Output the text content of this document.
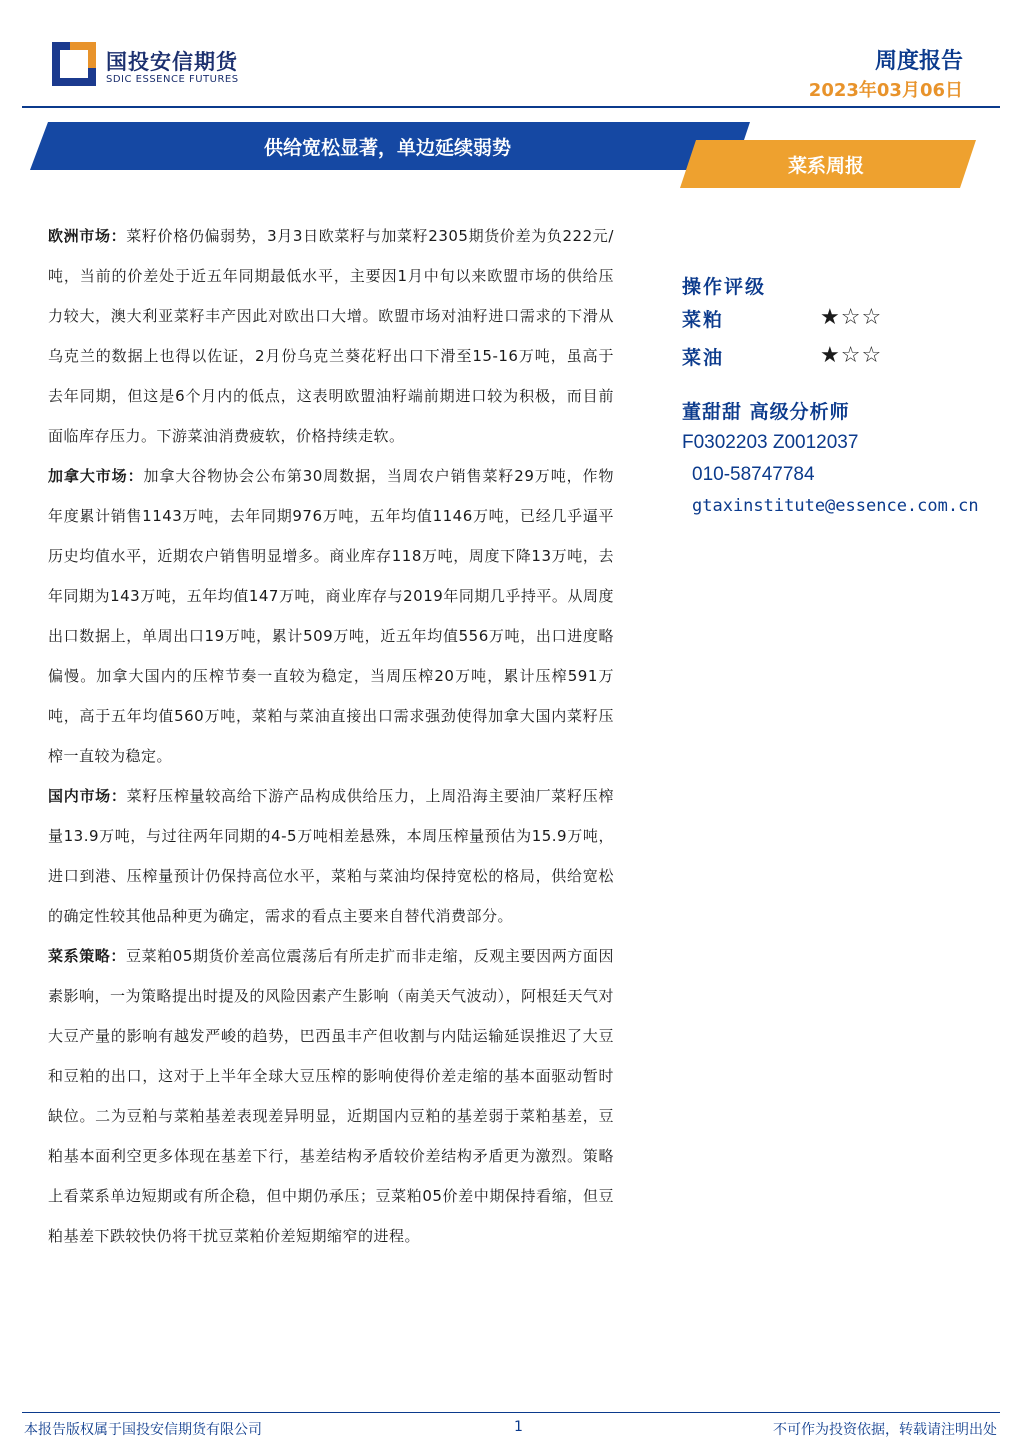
国投安信期货
SDIC ESSENCE FUTURES
周度报告
2023年03月06日
供给宽松显著，单边延续弱势
菜系周报

欧洲市场：菜籽价格仍偏弱势，3月3日欧菜籽与加菜籽2305期货价差为负222元/吨，当前的价差处于近五年同期最低水平，主要因1月中旬以来欧盟市场的供给压力较大，澳大利亚菜籽丰产因此对欧出口大增。欧盟市场对油籽进口需求的下滑从乌克兰的数据上也得以佐证，2月份乌克兰葵花籽出口下滑至15-16万吨，虽高于去年同期，但这是6个月内的低点，这表明欧盟油籽端前期进口较为积极，而目前面临库存压力。下游菜油消费疲软，价格持续走软。

加拿大市场：加拿大谷物协会公布第30周数据，当周农户销售菜籽29万吨，作物年度累计销售1143万吨，去年同期976万吨，五年均值1146万吨，已经几乎逼平历史均值水平，近期农户销售明显增多。商业库存118万吨，周度下降13万吨，去年同期为143万吨，五年均值147万吨，商业库存与2019年同期几乎持平。从周度出口数据上，单周出口19万吨，累计509万吨，近五年均值556万吨，出口进度略偏慢。加拿大国内的压榨节奏一直较为稳定，当周压榨20万吨，累计压榨591万吨，高于五年均值560万吨，菜粕与菜油直接出口需求强劲使得加拿大国内菜籽压榨一直较为稳定。

国内市场：菜籽压榨量较高给下游产品构成供给压力，上周沿海主要油厂菜籽压榨量13.9万吨，与过往两年同期的4-5万吨相差悬殊，本周压榨量预估为15.9万吨，进口到港、压榨量预计仍保持高位水平，菜粕与菜油均保持宽松的格局，供给宽松的确定性较其他品种更为确定，需求的看点主要来自替代消费部分。

菜系策略：豆菜粕05期货价差高位震荡后有所走扩而非走缩，反观主要因两方面因素影响，一为策略提出时提及的风险因素产生影响（南美天气波动），阿根廷天气对大豆产量的影响有越发严峻的趋势，巴西虽丰产但收割与内陆运输延误推迟了大豆和豆粕的出口，这对于上半年全球大豆压榨的影响使得价差走缩的基本面驱动暂时缺位。二为豆粕与菜粕基差表现差异明显，近期国内豆粕的基差弱于菜粕基差，豆粕基本面利空更多体现在基差下行，基差结构矛盾较价差结构矛盾更为激烈。策略上看菜系单边短期或有所企稳，但中期仍承压；豆菜粕05价差中期保持看缩，但豆粕基差下跌较快仍将干扰豆菜粕价差短期缩窄的进程。

操作评级
菜粕	★☆☆
菜油	★☆☆
董甜甜 高级分析师
F0302203 Z0012037
010-58747784
gtaxinstitute@essence.com.cn
本报告版权属于国投安信期货有限公司	1	不可作为投资依据，转载请注明出处
